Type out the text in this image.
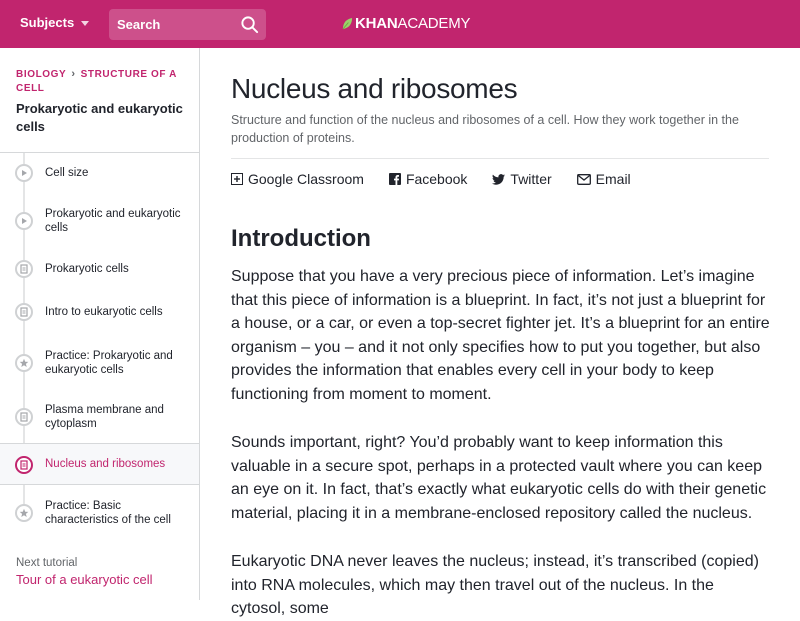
Subjects
Search	KHAN ACADEMY
BIOLOGY › STRUCTURE OF A CELL
Prokaryotic and eukaryotic cells
Cell size
Prokaryotic and eukaryotic cells
Prokaryotic cells
Intro to eukaryotic cells
Practice: Prokaryotic and eukaryotic cells
Plasma membrane and cytoplasm
Nucleus and ribosomes
Practice: Basic characteristics of the cell
Next tutorial
Tour of a eukaryotic cell
Nucleus and ribosomes

Structure and function of the nucleus and ribosomes of a cell. How they work together in the production of proteins.

Google Classroom	Facebook	Twitter	Email
Introduction

Suppose that you have a very precious piece of information. Let’s imagine that this piece of information is a blueprint. In fact, it’s not just a blueprint for a house, or a car, or even a top-secret fighter jet. It’s a blueprint for an entire organism – you – and it not only specifies how to put you together, but also provides the information that enables every cell in your body to keep functioning from moment to moment.

Sounds important, right? You’d probably want to keep information this valuable in a secure spot, perhaps in a protected vault where you can keep an eye on it. In fact, that’s exactly what eukaryotic cells do with their genetic material, placing it in a membrane-enclosed repository called the nucleus.

Eukaryotic DNA never leaves the nucleus; instead, it’s transcribed (copied) into RNA molecules, which may then travel out of the nucleus. In the cytosol, some
